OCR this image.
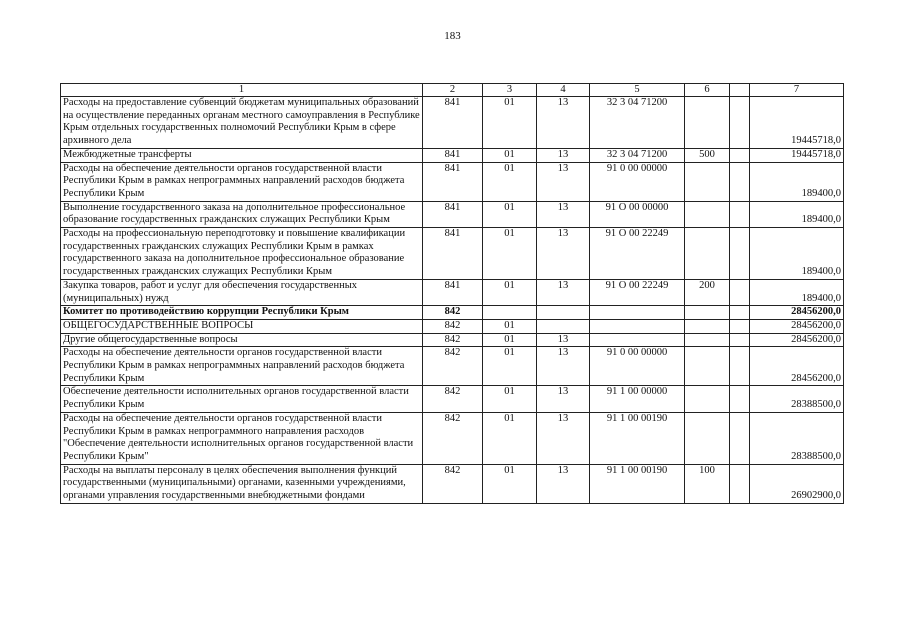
183
1	2	3	4	5	6		7
Расходы на предоставление субвенций бюджетам муниципальных образований на осуществление переданных органам местного самоуправления в Республике Крым отдельных государственных полномочий Республики Крым в сфере архивного дела	841	01	13	32 3 04 71200			19445718,0
Межбюджетные трансферты	841	01	13	32 3 04 71200	500		19445718,0
Расходы на обеспечение деятельности органов государственной власти Республики Крым в рамках непрограммных направлений расходов бюджета Республики Крым	841	01	13	91 0 00 00000			189400,0
Выполнение государственного заказа на дополнительное профессиональное образование государственных гражданских служащих Республики Крым	841	01	13	91 О 00 00000			189400,0
Расходы на профессиональную переподготовку и повышение квалификации государственных гражданских служащих Республики Крым в рамках государственного заказа на дополнительное профессиональное образование государственных гражданских служащих Республики Крым	841	01	13	91 О 00 22249			189400,0
Закупка товаров, работ и услуг для обеспечения государственных (муниципальных) нужд	841	01	13	91 О 00 22249	200		189400,0
Комитет по противодействию коррупции Республики Крым	842						28456200,0
ОБЩЕГОСУДАРСТВЕННЫЕ ВОПРОСЫ	842	01					28456200,0
Другие общегосударственные вопросы	842	01	13				28456200,0
Расходы на обеспечение деятельности органов государственной власти Республики Крым в рамках непрограммных направлений расходов бюджета Республики Крым	842	01	13	91 0 00 00000			28456200,0
Обеспечение деятельности исполнительных органов государственной власти Республики Крым	842	01	13	91 1 00 00000			28388500,0
Расходы на обеспечение деятельности органов государственной власти Республики Крым в рамках непрограммного направления расходов "Обеспечение деятельности исполнительных органов государственной власти Республики Крым"	842	01	13	91 1 00 00190			28388500,0
Расходы на выплаты персоналу в целях обеспечения выполнения функций государственными (муниципальными) органами, казенными учреждениями, органами управления государственными внебюджетными фондами	842	01	13	91 1 00 00190	100		26902900,0
